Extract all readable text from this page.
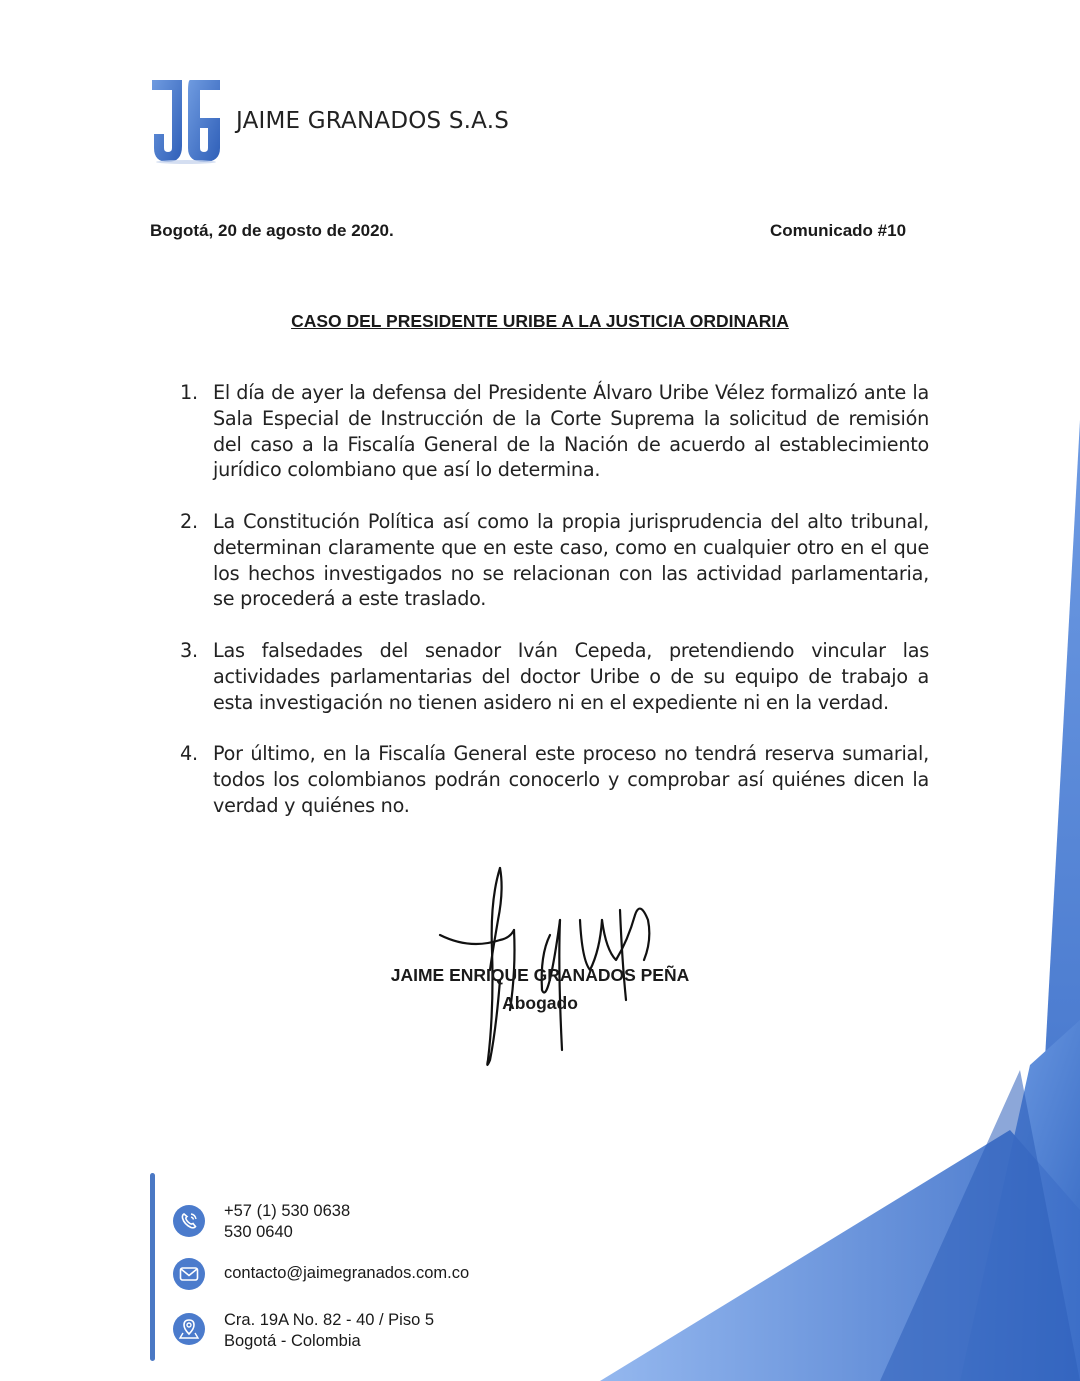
JAIME GRANADOS S.A.S
Bogotá, 20 de agosto de 2020.	Comunicado #10
CASO DEL PRESIDENTE URIBE A LA JUSTICIA ORDINARIA
1. El día de ayer la defensa del Presidente Álvaro Uribe Vélez formalizó ante la Sala Especial de Instrucción de la Corte Suprema la solicitud de remisión del caso a la Fiscalía General de la Nación de acuerdo al establecimiento jurídico colombiano que así lo determina.
2. La Constitución Política así como la propia jurisprudencia del alto tribunal, determinan claramente que en este caso, como en cualquier otro en el que los hechos investigados no se relacionan con las actividad parlamentaria, se procederá a este traslado.
3. Las falsedades del senador Iván Cepeda, pretendiendo vincular las actividades parlamentarias del doctor Uribe o de su equipo de trabajo a esta investigación no tienen asidero ni en el expediente ni en la verdad.
4. Por último, en la Fiscalía General este proceso no tendrá reserva sumarial, todos los colombianos podrán conocerlo y comprobar así quiénes dicen la verdad y quiénes no.
JAIME ENRIQUE GRANADOS PEÑA
Abogado
+57 (1) 530 0638
530 0640
contacto@jaimegranados.com.co
Cra. 19A No. 82 - 40 / Piso 5
Bogotá - Colombia
